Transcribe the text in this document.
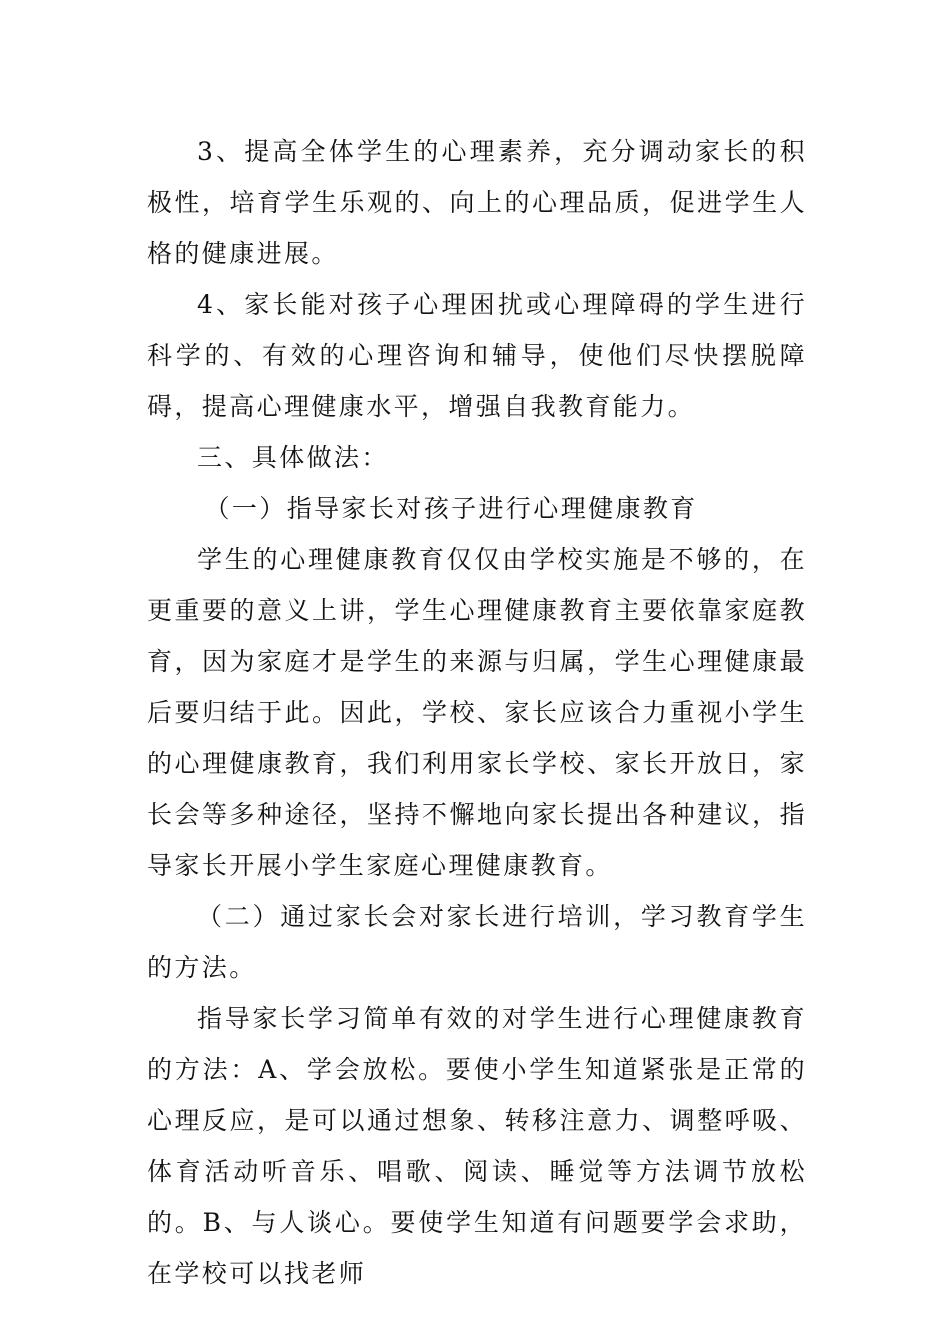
3、提高全体学生的心理素养，充分调动家长的积极性，培育学生乐观的、向上的心理品质，促进学生人格的健康进展。

4、家长能对孩子心理困扰或心理障碍的学生进行科学的、有效的心理咨询和辅导，使他们尽快摆脱障碍，提高心理健康水平，增强自我教育能力。

三、具体做法：

（一）指导家长对孩子进行心理健康教育

学生的心理健康教育仅仅由学校实施是不够的，在更重要的意义上讲，学生心理健康教育主要依靠家庭教育，因为家庭才是学生的来源与归属，学生心理健康最后要归结于此。因此，学校、家长应该合力重视小学生的心理健康教育，我们利用家长学校、家长开放日，家长会等多种途径，坚持不懈地向家长提出各种建议，指导家长开展小学生家庭心理健康教育。

（二）通过家长会对家长进行培训，学习教育学生的方法。

指导家长学习简单有效的对学生进行心理健康教育的方法：A、学会放松。要使小学生知道紧张是正常的心理反应，是可以通过想象、转移注意力、调整呼吸、体育活动听音乐、唱歌、阅读、睡觉等方法调节放松的。B、与人谈心。要使学生知道有问题要学会求助，在学校可以找老师
